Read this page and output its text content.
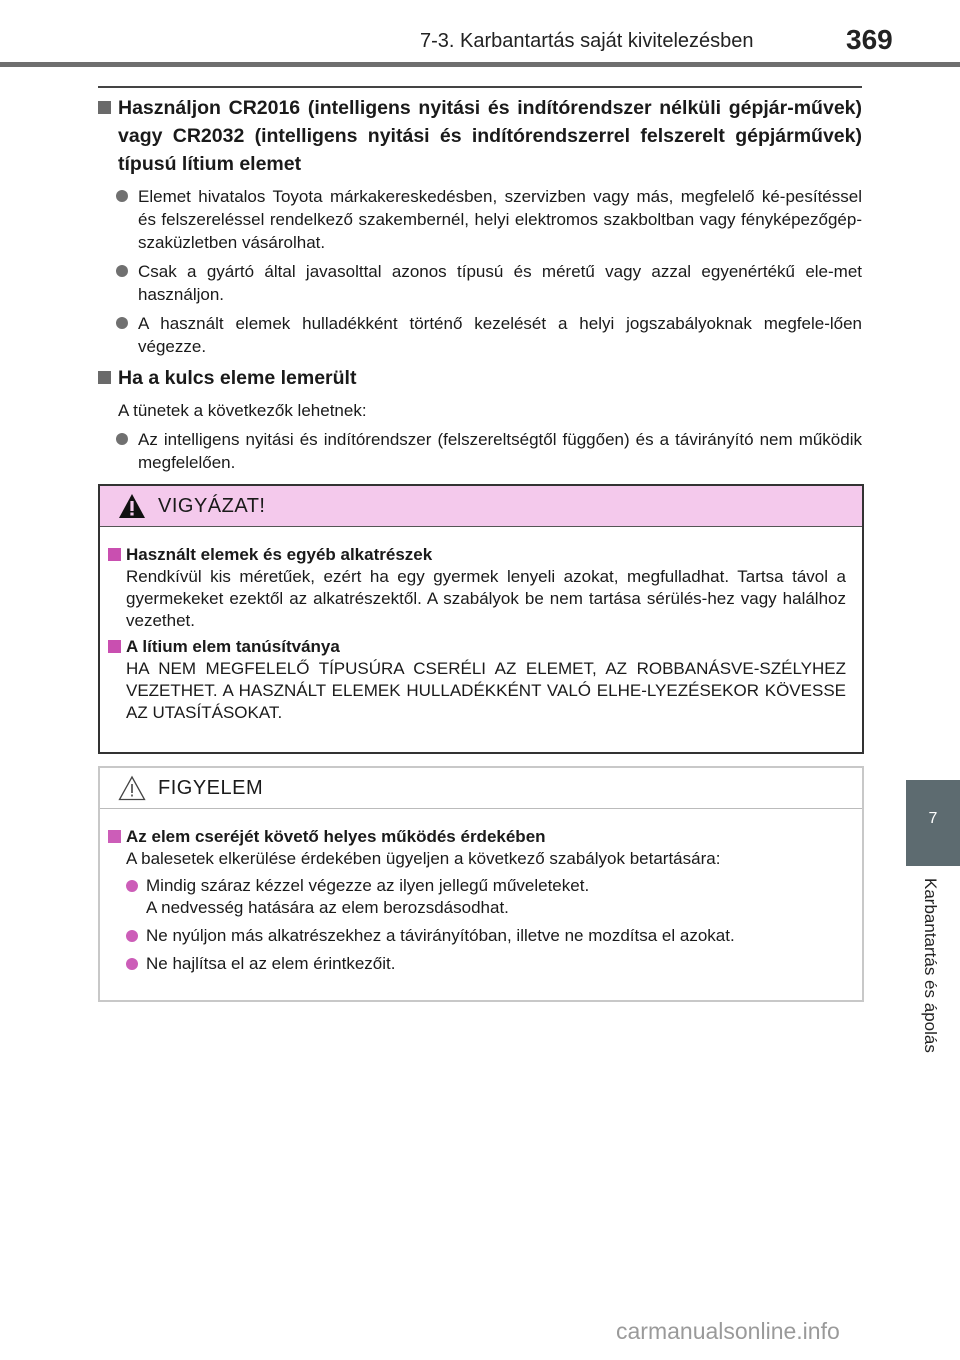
7-3. Karbantartás saját kivitelezésben	369
7
Karbantartás és ápolás
Használjon CR2016 (intelligens nyitási és indítórendszer nélküli gépjár-művek) vagy CR2032 (intelligens nyitási és indítórendszerrel felszerelt gépjárművek) típusú lítium elemet
Elemet hivatalos Toyota márkakereskedésben, szervizben vagy más, megfelelő ké-pesítéssel és felszereléssel rendelkező szakembernél, helyi elektromos szakboltban vagy fényképezőgép-szaküzletben vásárolhat.
Csak a gyártó által javasolttal azonos típusú és méretű vagy azzal egyenértékű ele-met használjon.
A használt elemek hulladékként történő kezelését a helyi jogszabályoknak megfele-lően végezze.
Ha a kulcs eleme lemerült
A tünetek a következők lehetnek:
Az intelligens nyitási és indítórendszer (felszereltségtől függően) és a távirányító nem működik megfelelően.
VIGYÁZAT!
Használt elemek és egyéb alkatrészek
Rendkívül kis méretűek, ezért ha egy gyermek lenyeli azokat, megfulladhat. Tartsa távol a gyermekeket ezektől az alkatrészektől. A szabályok be nem tartása sérülés-hez vagy halálhoz vezethet.
A lítium elem tanúsítványa
HA NEM MEGFELELŐ TÍPUSÚRA CSERÉLI AZ ELEMET, AZ ROBBANÁSVE-SZÉLYHEZ VEZETHET. A HASZNÁLT ELEMEK HULLADÉKKÉNT VALÓ ELHE-LYEZÉSEKOR KÖVESSE AZ UTASÍTÁSOKAT.
FIGYELEM
Az elem cseréjét követő helyes működés érdekében
A balesetek elkerülése érdekében ügyeljen a következő szabályok betartására:
Mindig száraz kézzel végezze az ilyen jellegű műveleteket.
A nedvesség hatására az elem berozsdásodhat.
Ne nyúljon más alkatrészekhez a távirányítóban, illetve ne mozdítsa el azokat.
Ne hajlítsa el az elem érintkezőit.
carmanualsonline.info
